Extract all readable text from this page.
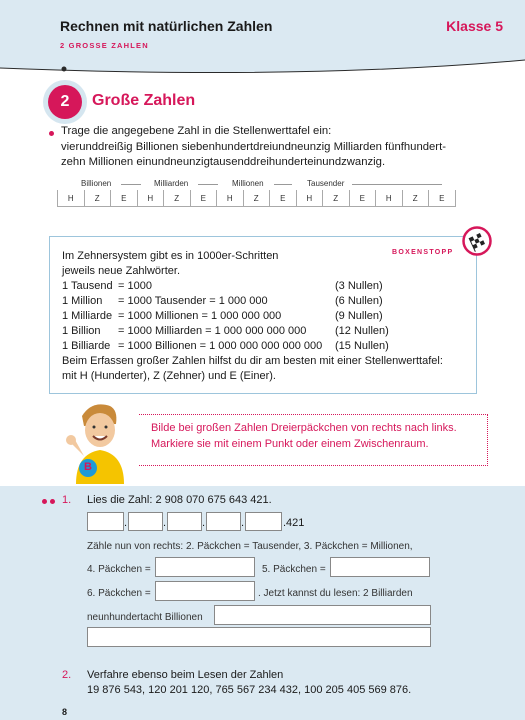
Rechnen mit natürlichen Zahlen	Klasse 5
2 GROSSE ZAHLEN
2	Große Zahlen
Trage die angegebene Zahl in die Stellenwerttafel ein:
vierunddreißig Billionen siebenhundertdreiundneunzig Milliarden fünfhundert-
zehn Millionen einundneunzigtausenddreihunderteinundzwanzig.
Billionen	Milliarden	Millionen	Tausender
H	Z	E	H	Z	E	H	Z	E	H	Z	E	H	Z	E
BOXENSTOPP
Im Zehnersystem gibt es in 1000er-Schritten
jeweils neue Zahlwörter.
1 Tausend = 1000	(3 Nullen)
1 Million = 1000 Tausender = 1 000 000	(6 Nullen)
1 Milliarde = 1000 Millionen = 1 000 000 000	(9 Nullen)
1 Billion = 1000 Milliarden = 1 000 000 000 000	(12 Nullen)
1 Billiarde = 1000 Billionen = 1 000 000 000 000 000 (15 Nullen)
Beim Erfassen großer Zahlen hilfst du dir am besten mit einer Stellenwerttafel:
mit H (Hunderter), Z (Zehner) und E (Einer).
B
Bilde bei großen Zahlen Dreierpäckchen von rechts nach links.
Markiere sie mit einem Punkt oder einem Zwischenraum.
1. Lies die Zahl: 2 908 070 675 643 421.
.	.	.	.	.421
Zähle nun von rechts: 2. Päckchen = Tausender, 3. Päckchen = Millionen,
4. Päckchen =	5. Päckchen =
6. Päckchen =	. Jetzt kannst du lesen: 2 Billiarden
neunhundertacht Billionen
2. Verfahre ebenso beim Lesen der Zahlen
19 876 543, 120 201 120, 765 567 234 432, 100 205 405 569 876.
8
